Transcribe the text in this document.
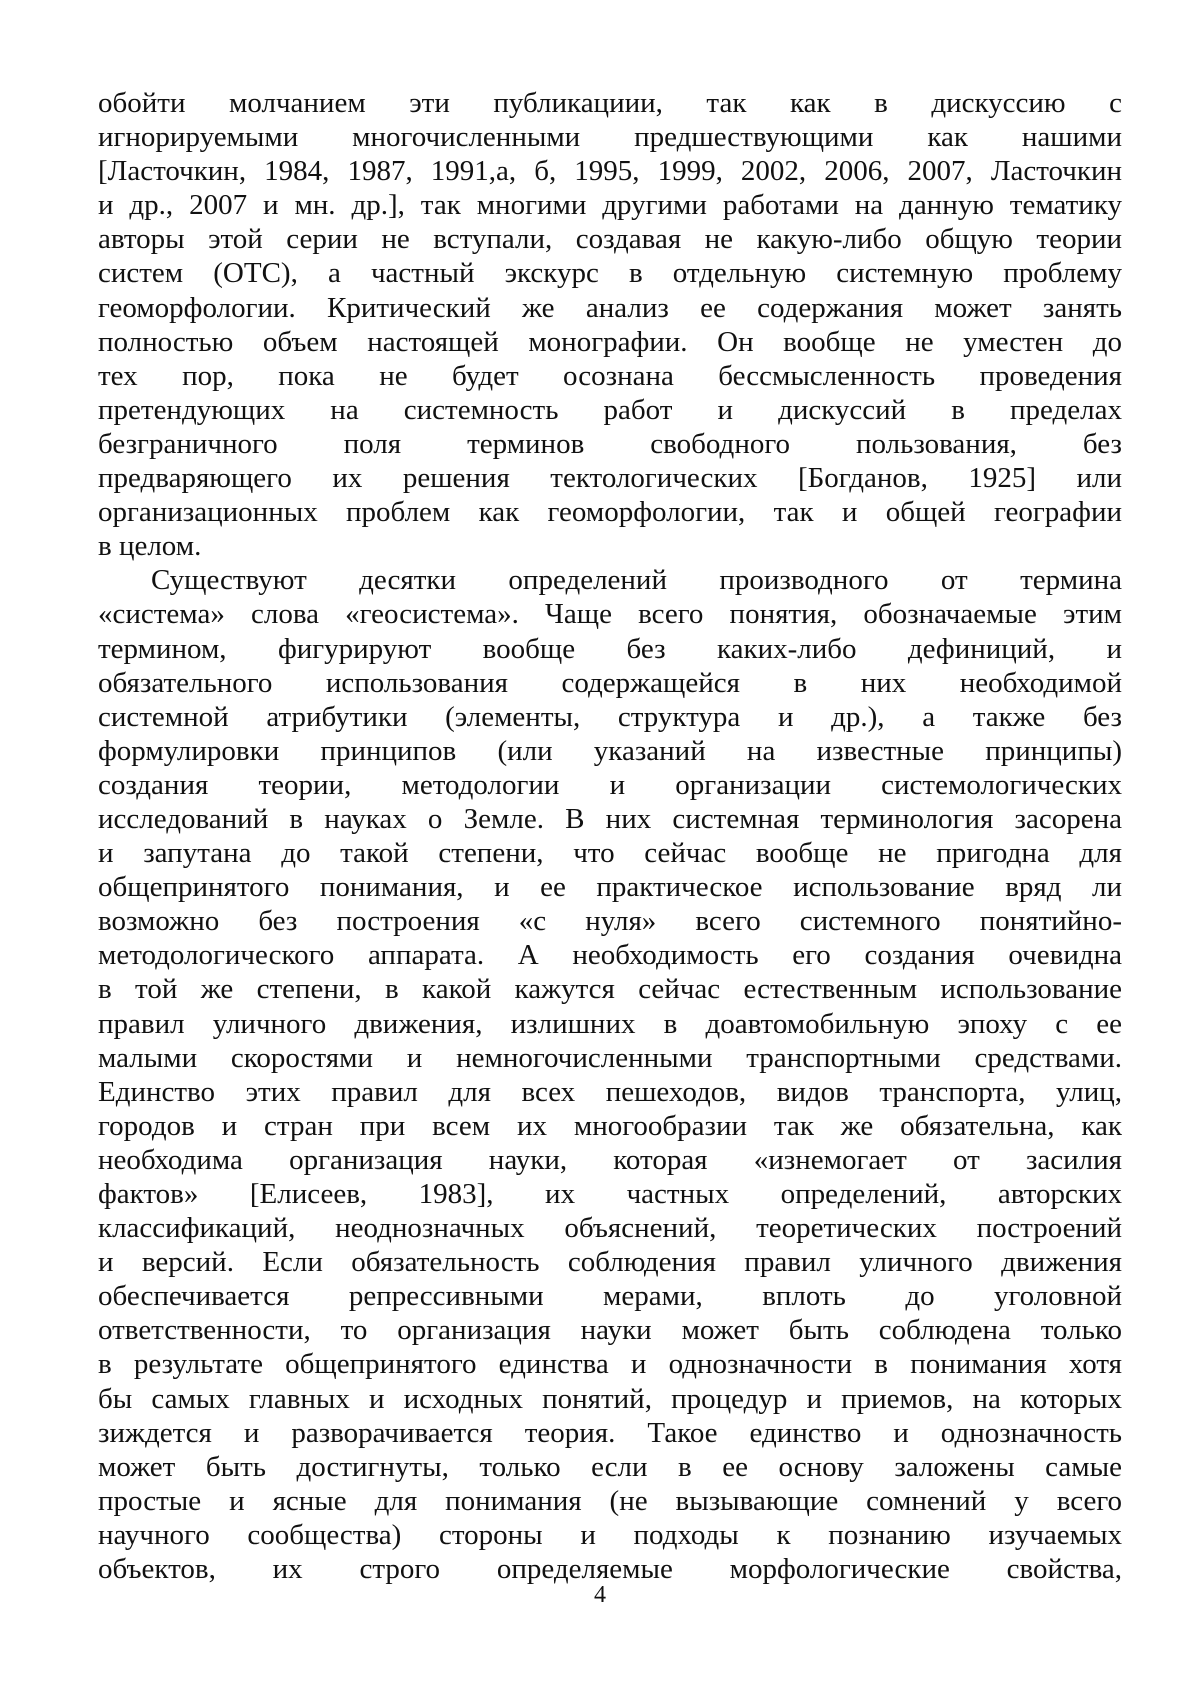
обойти молчанием эти публикациии, так как в дискуссию с
игнорируемыми многочисленными предшествующими как нашими
[Ласточкин, 1984, 1987, 1991,а, б, 1995, 1999, 2002, 2006, 2007, Ласточкин
и др., 2007 и мн. др.], так многими другими работами на данную тематику
авторы этой серии не вступали, создавая не какую-либо общую теории
систем (ОТС), а частный экскурс в отдельную системную проблему
геоморфологии. Критический же анализ ее содержания может занять
полностью объем настоящей монографии. Он вообще не уместен до
тех пор, пока не будет осознана бессмысленность проведения
претендующих на системность работ и дискуссий в пределах
безграничного поля терминов свободного пользования, без
предваряющего их решения тектологических [Богданов, 1925] или
организационных проблем как геоморфологии, так и общей географии
в целом.
Существуют десятки определений производного от термина
«система» слова «геосистема». Чаще всего понятия, обозначаемые этим
термином, фигурируют вообще без каких-либо дефиниций, и
обязательного использования содержащейся в них необходимой
системной атрибутики (элементы, структура и др.), а также без
формулировки принципов (или указаний на известные принципы)
создания теории, методологии и организации системологических
исследований в науках о Земле. В них системная терминология засорена
и запутана до такой степени, что сейчас вообще не пригодна для
общепринятого понимания, и ее практическое использование вряд ли
возможно без построения «с нуля» всего системного понятийно-
методологического аппарата. А необходимость его создания очевидна
в той же степени, в какой кажутся сейчас естественным использование
правил уличного движения, излишних в доавтомобильную эпоху с ее
малыми скоростями и немногочисленными транспортными средствами.
Единство этих правил для всех пешеходов, видов транспорта, улиц,
городов и стран при всем их многообразии так же обязательна, как
необходима организация науки, которая «изнемогает от засилия
фактов» [Елисеев, 1983], их частных определений, авторских
классификаций, неоднозначных объяснений, теоретических построений
и версий. Если обязательность соблюдения правил уличного движения
обеспечивается репрессивными мерами, вплоть до уголовной
ответственности, то организация науки может быть соблюдена только
в результате общепринятого единства и однозначности в понимания хотя
бы самых главных и исходных понятий, процедур и приемов, на которых
зиждется и разворачивается теория. Такое единство и однозначность
может быть достигнуты, только если в ее основу заложены самые
простые и ясные для понимания (не вызывающие сомнений у всего
научного сообщества) стороны и подходы к познанию изучаемых
объектов, их строго определяемые морфологические свойства,
4
